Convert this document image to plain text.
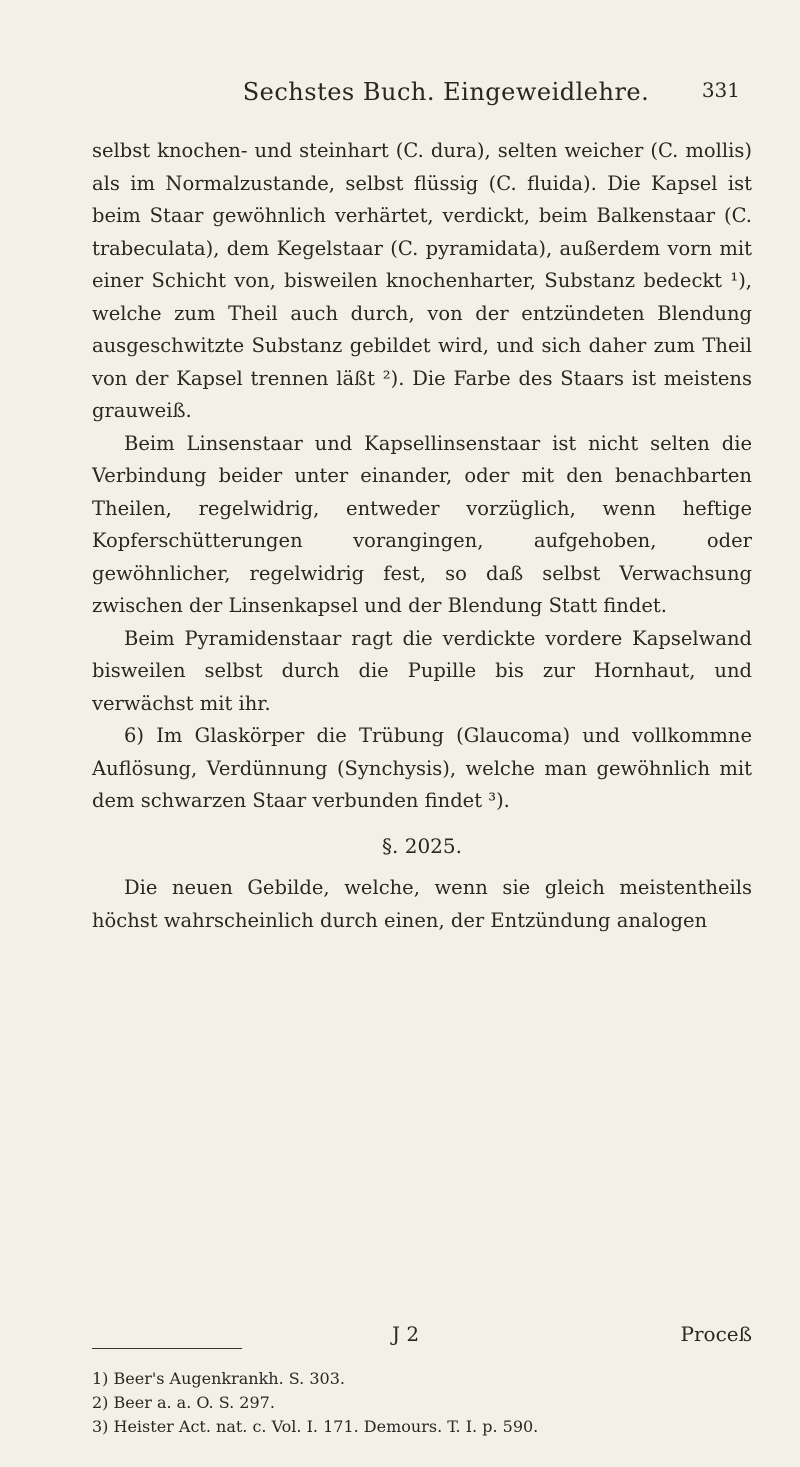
Sechstes Buch. Eingeweidlehre.	331

selbst knochen- und steinhart (C. dura), selten weicher (C. mollis) als im Normalzustande, selbst flüssig (C. fluida). Die Kapsel ist beim Staar gewöhnlich verhärtet, verdickt, beim Balkenstaar (C. trabeculata), dem Kegelstaar (C. pyramidata), außerdem vorn mit einer Schicht von, bisweilen knochenharter, Substanz bedeckt ¹), welche zum Theil auch durch, von der entzündeten Blendung ausgeschwitzte Substanz gebildet wird, und sich daher zum Theil von der Kapsel trennen läßt ²). Die Farbe des Staars ist meistens grauweiß.

Beim Linsenstaar und Kapsellinsenstaar ist nicht selten die Verbindung beider unter einander, oder mit den benachbarten Theilen, regelwidrig, entweder vorzüglich, wenn heftige Kopferschütterungen vorangingen, aufgehoben, oder gewöhnlicher, regelwidrig fest, so daß selbst Verwachsung zwischen der Linsenkapsel und der Blendung Statt findet.

Beim Pyramidenstaar ragt die verdickte vordere Kapselwand bisweilen selbst durch die Pupille bis zur Hornhaut, und verwächst mit ihr.

6) Im Glaskörper die Trübung (Glaucoma) und vollkommne Auflösung, Verdünnung (Synchysis), welche man gewöhnlich mit dem schwarzen Staar verbunden findet ³).

§. 2025.

Die neuen Gebilde, welche, wenn sie gleich meistentheils höchst wahrscheinlich durch einen, der Entzündung analogen

J 2	Proceß
1) Beer's Augenkrankh. S. 303.
2) Beer a. a. O. S. 297.
3) Heister Act. nat. c. Vol. I. 171. Demours. T. I. p. 590.
